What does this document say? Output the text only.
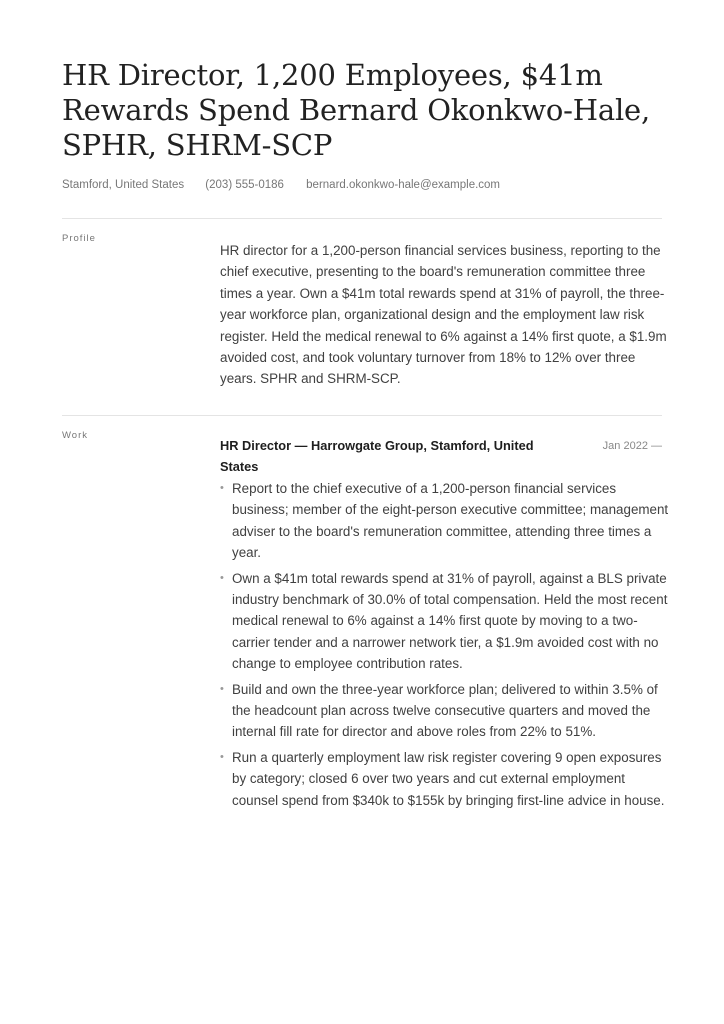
HR Director, 1,200 Employees, $41m Rewards Spend Bernard Okonkwo-Hale, SPHR, SHRM-SCP
Stamford, United States (203) 555-0186 bernard.okonkwo-hale@example.com
Profile

HR director for a 1,200-person financial services business, reporting to the chief executive, presenting to the board's remuneration committee three times a year. Own a $41m total rewards spend at 31% of payroll, the three-year workforce plan, organizational design and the employment law risk register. Held the medical renewal to 6% against a 14% first quote, a $1.9m avoided cost, and took voluntary turnover from 18% to 12% over three years. SPHR and SHRM-SCP.

Work
HR Director — Harrowgate Group, Stamford, United States
Jan 2022 —
• Report to the chief executive of a 1,200-person financial services business; member of the eight-person executive committee; management adviser to the board's remuneration committee, attending three times a year.
• Own a $41m total rewards spend at 31% of payroll, against a BLS private industry benchmark of 30.0% of total compensation. Held the most recent medical renewal to 6% against a 14% first quote by moving to a two-carrier tender and a narrower network tier, a $1.9m avoided cost with no change to employee contribution rates.
• Build and own the three-year workforce plan; delivered to within 3.5% of the headcount plan across twelve consecutive quarters and moved the internal fill rate for director and above roles from 22% to 51%.
• Run a quarterly employment law risk register covering 9 open exposures by category; closed 6 over two years and cut external employment counsel spend from $340k to $155k by bringing first-line advice in house.
